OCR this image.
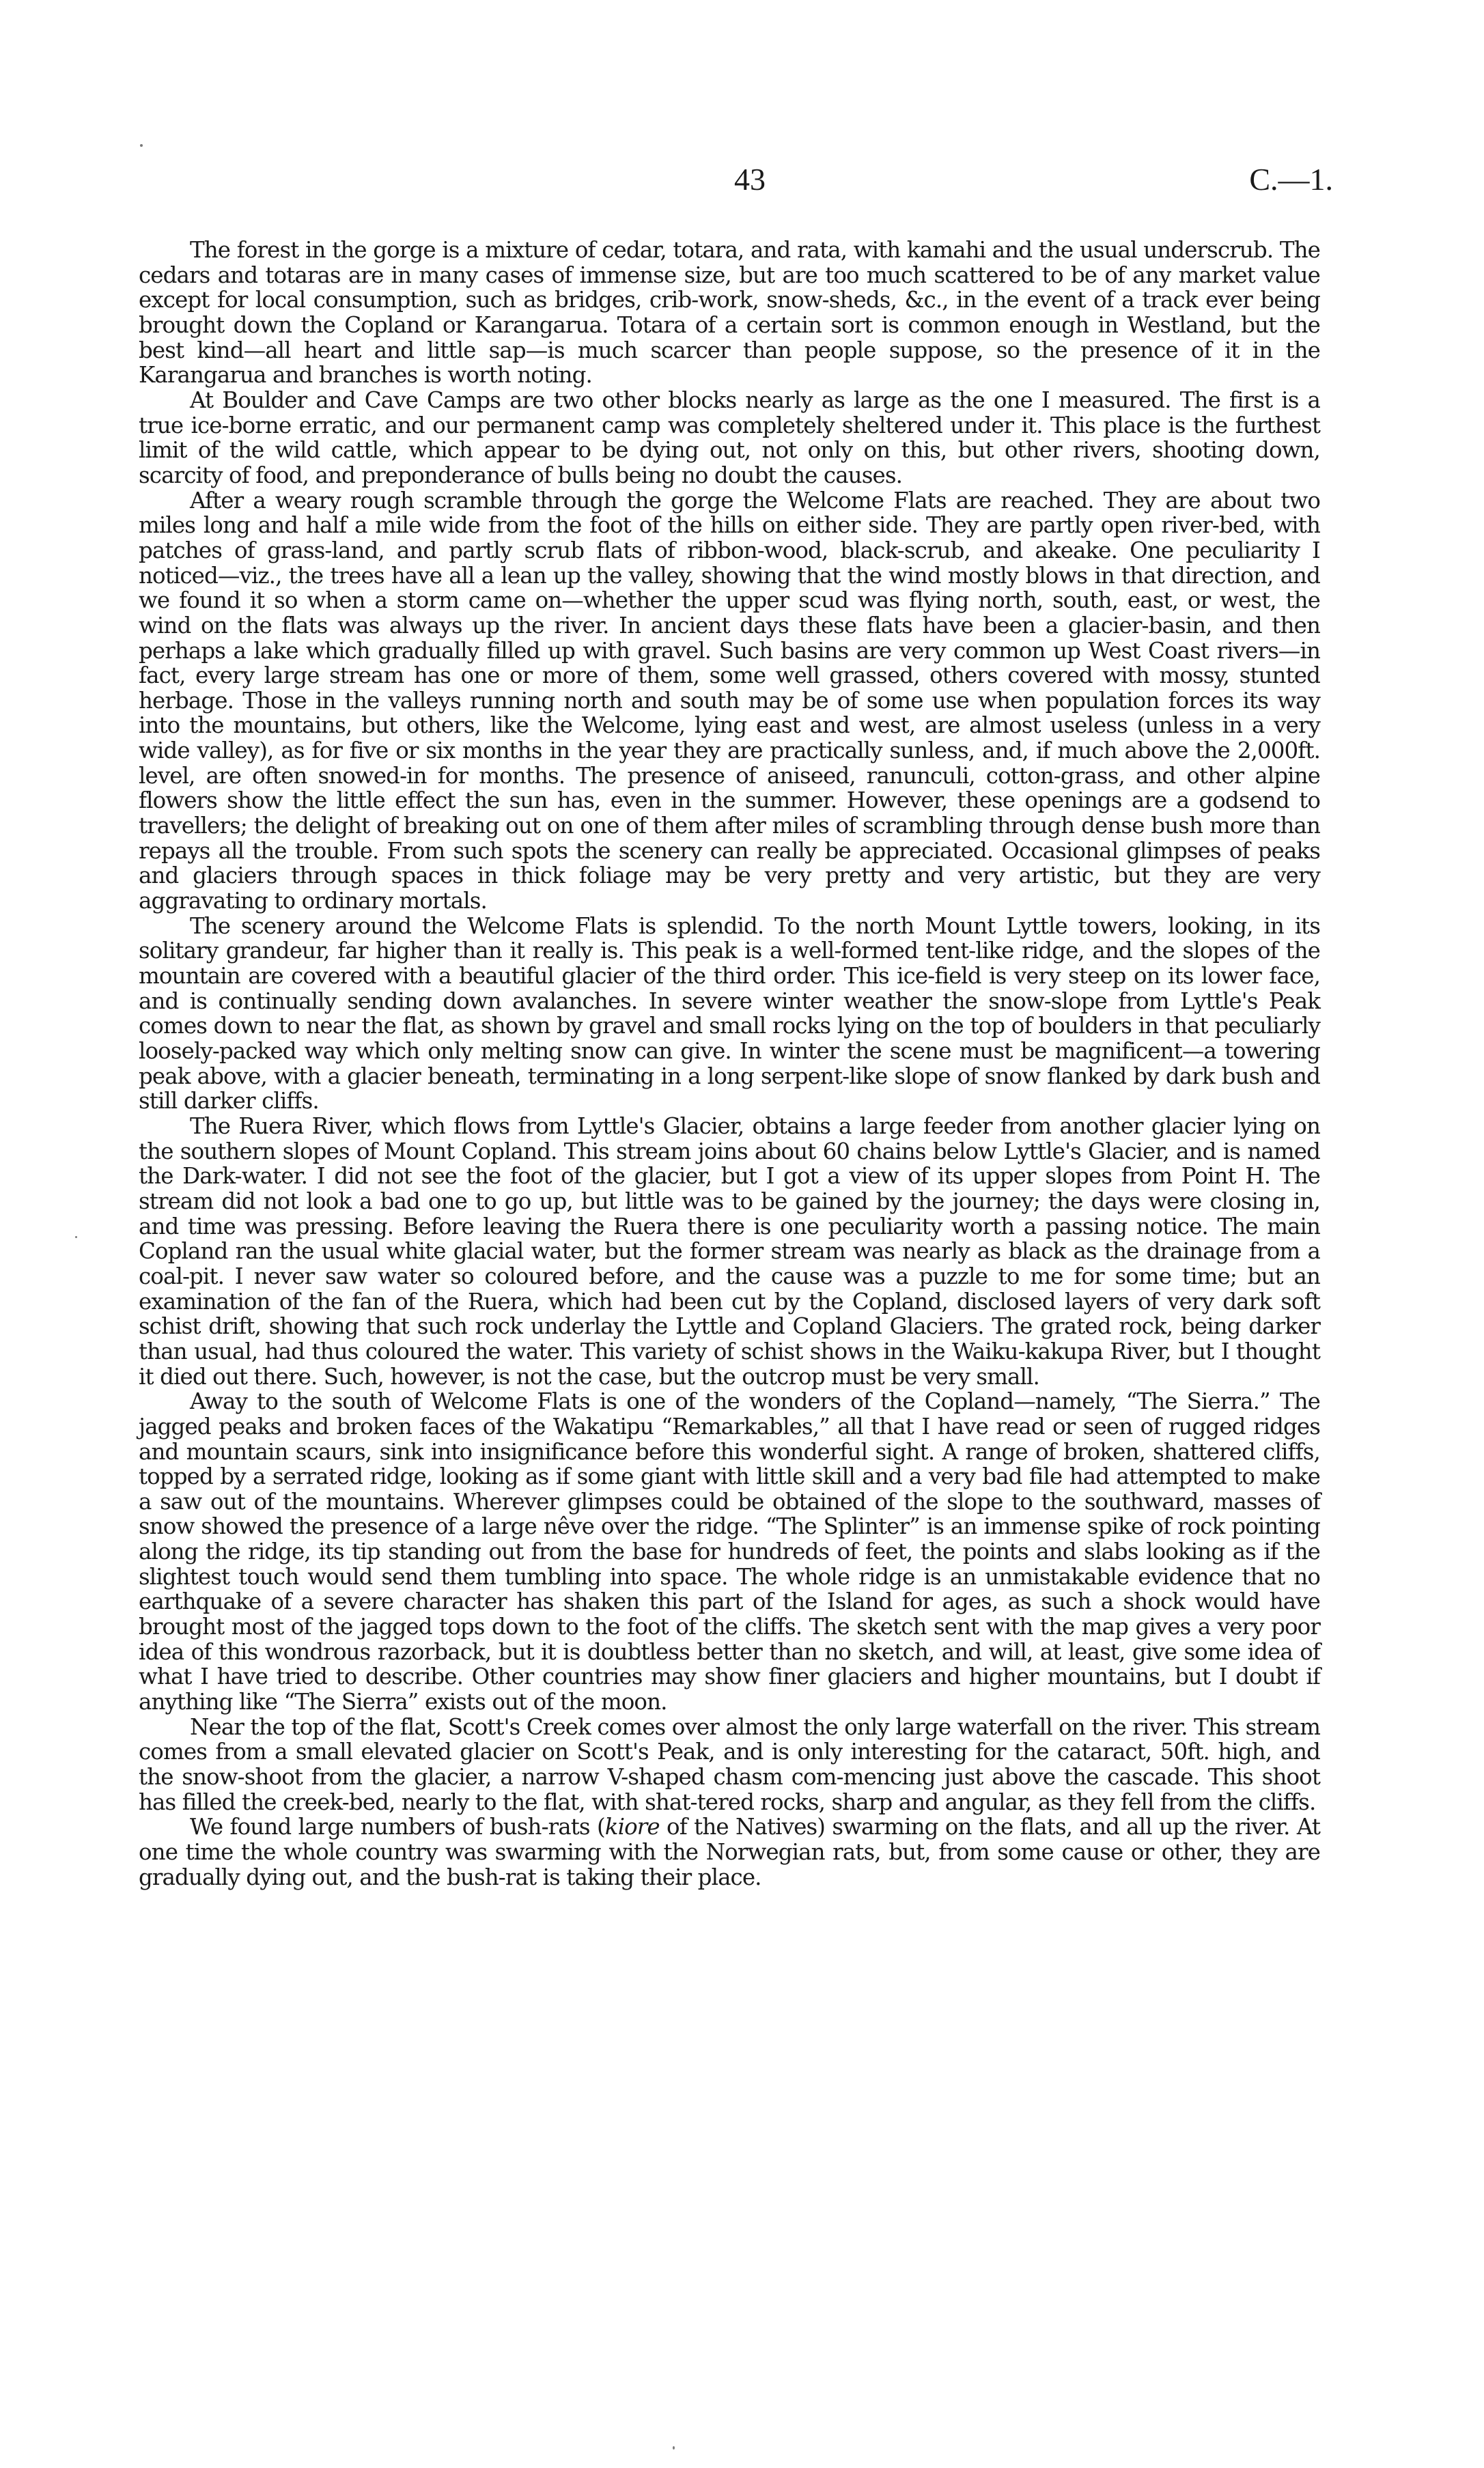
43	C.—1.

The forest in the gorge is a mixture of cedar, totara, and rata, with kamahi and the usual underscrub. The cedars and totaras are in many cases of immense size, but are too much scattered to be of any market value except for local consumption, such as bridges, crib-work, snow-sheds, &c., in the event of a track ever being brought down the Copland or Karangarua. Totara of a certain sort is common enough in Westland, but the best kind—all heart and little sap—is much scarcer than people suppose, so the presence of it in the Karangarua and branches is worth noting.

At Boulder and Cave Camps are two other blocks nearly as large as the one I measured. The first is a true ice-borne erratic, and our permanent camp was completely sheltered under it. This place is the furthest limit of the wild cattle, which appear to be dying out, not only on this, but other rivers, shooting down, scarcity of food, and preponderance of bulls being no doubt the causes.

After a weary rough scramble through the gorge the Welcome Flats are reached. They are about two miles long and half a mile wide from the foot of the hills on either side. They are partly open river-bed, with patches of grass-land, and partly scrub flats of ribbon-wood, black-scrub, and akeake. One peculiarity I noticed—viz., the trees have all a lean up the valley, showing that the wind mostly blows in that direction, and we found it so when a storm came on—whether the upper scud was flying north, south, east, or west, the wind on the flats was always up the river. In ancient days these flats have been a glacier-basin, and then perhaps a lake which gradually filled up with gravel. Such basins are very common up West Coast rivers—in fact, every large stream has one or more of them, some well grassed, others covered with mossy, stunted herbage. Those in the valleys running north and south may be of some use when population forces its way into the mountains, but others, like the Welcome, lying east and west, are almost useless (unless in a very wide valley), as for five or six months in the year they are practically sunless, and, if much above the 2,000ft. level, are often snowed-in for months. The presence of aniseed, ranunculi, cotton-grass, and other alpine flowers show the little effect the sun has, even in the summer. However, these openings are a godsend to travellers; the delight of breaking out on one of them after miles of scrambling through dense bush more than repays all the trouble. From such spots the scenery can really be appreciated. Occasional glimpses of peaks and glaciers through spaces in thick foliage may be very pretty and very artistic, but they are very aggravating to ordinary mortals.

The scenery around the Welcome Flats is splendid. To the north Mount Lyttle towers, looking, in its solitary grandeur, far higher than it really is. This peak is a well-formed tent-like ridge, and the slopes of the mountain are covered with a beautiful glacier of the third order. This ice-field is very steep on its lower face, and is continually sending down avalanches. In severe winter weather the snow-slope from Lyttle's Peak comes down to near the flat, as shown by gravel and small rocks lying on the top of boulders in that peculiarly loosely-packed way which only melting snow can give. In winter the scene must be magnificent—a towering peak above, with a glacier beneath, terminating in a long serpent-like slope of snow flanked by dark bush and still darker cliffs.

The Ruera River, which flows from Lyttle's Glacier, obtains a large feeder from another glacier lying on the southern slopes of Mount Copland. This stream joins about 60 chains below Lyttle's Glacier, and is named the Dark-water. I did not see the foot of the glacier, but I got a view of its upper slopes from Point H. The stream did not look a bad one to go up, but little was to be gained by the journey; the days were closing in, and time was pressing. Before leaving the Ruera there is one peculiarity worth a passing notice. The main Copland ran the usual white glacial water, but the former stream was nearly as black as the drainage from a coal-pit. I never saw water so coloured before, and the cause was a puzzle to me for some time; but an examination of the fan of the Ruera, which had been cut by the Copland, disclosed layers of very dark soft schist drift, showing that such rock underlay the Lyttle and Copland Glaciers. The grated rock, being darker than usual, had thus coloured the water. This variety of schist shows in the Waiku-kakupa River, but I thought it died out there. Such, however, is not the case, but the outcrop must be very small.

Away to the south of Welcome Flats is one of the wonders of the Copland—namely, “The Sierra.” The jagged peaks and broken faces of the Wakatipu “Remarkables,” all that I have read or seen of rugged ridges and mountain scaurs, sink into insignificance before this wonderful sight. A range of broken, shattered cliffs, topped by a serrated ridge, looking as if some giant with little skill and a very bad file had attempted to make a saw out of the mountains. Wherever glimpses could be obtained of the slope to the southward, masses of snow showed the presence of a large nêve over the ridge. “The Splinter” is an immense spike of rock pointing along the ridge, its tip standing out from the base for hundreds of feet, the points and slabs looking as if the slightest touch would send them tumbling into space. The whole ridge is an unmistakable evidence that no earthquake of a severe character has shaken this part of the Island for ages, as such a shock would have brought most of the jagged tops down to the foot of the cliffs. The sketch sent with the map gives a very poor idea of this wondrous razorback, but it is doubtless better than no sketch, and will, at least, give some idea of what I have tried to describe. Other countries may show finer glaciers and higher mountains, but I doubt if anything like “The Sierra” exists out of the moon.

Near the top of the flat, Scott's Creek comes over almost the only large waterfall on the river. This stream comes from a small elevated glacier on Scott's Peak, and is only interesting for the cataract, 50ft. high, and the snow-shoot from the glacier, a narrow V-shaped chasm com-mencing just above the cascade. This shoot has filled the creek-bed, nearly to the flat, with shat-tered rocks, sharp and angular, as they fell from the cliffs.

We found large numbers of bush-rats (kiore of the Natives) swarming on the flats, and all up the river. At one time the whole country was swarming with the Norwegian rats, but, from some cause or other, they are gradually dying out, and the bush-rat is taking their place.
